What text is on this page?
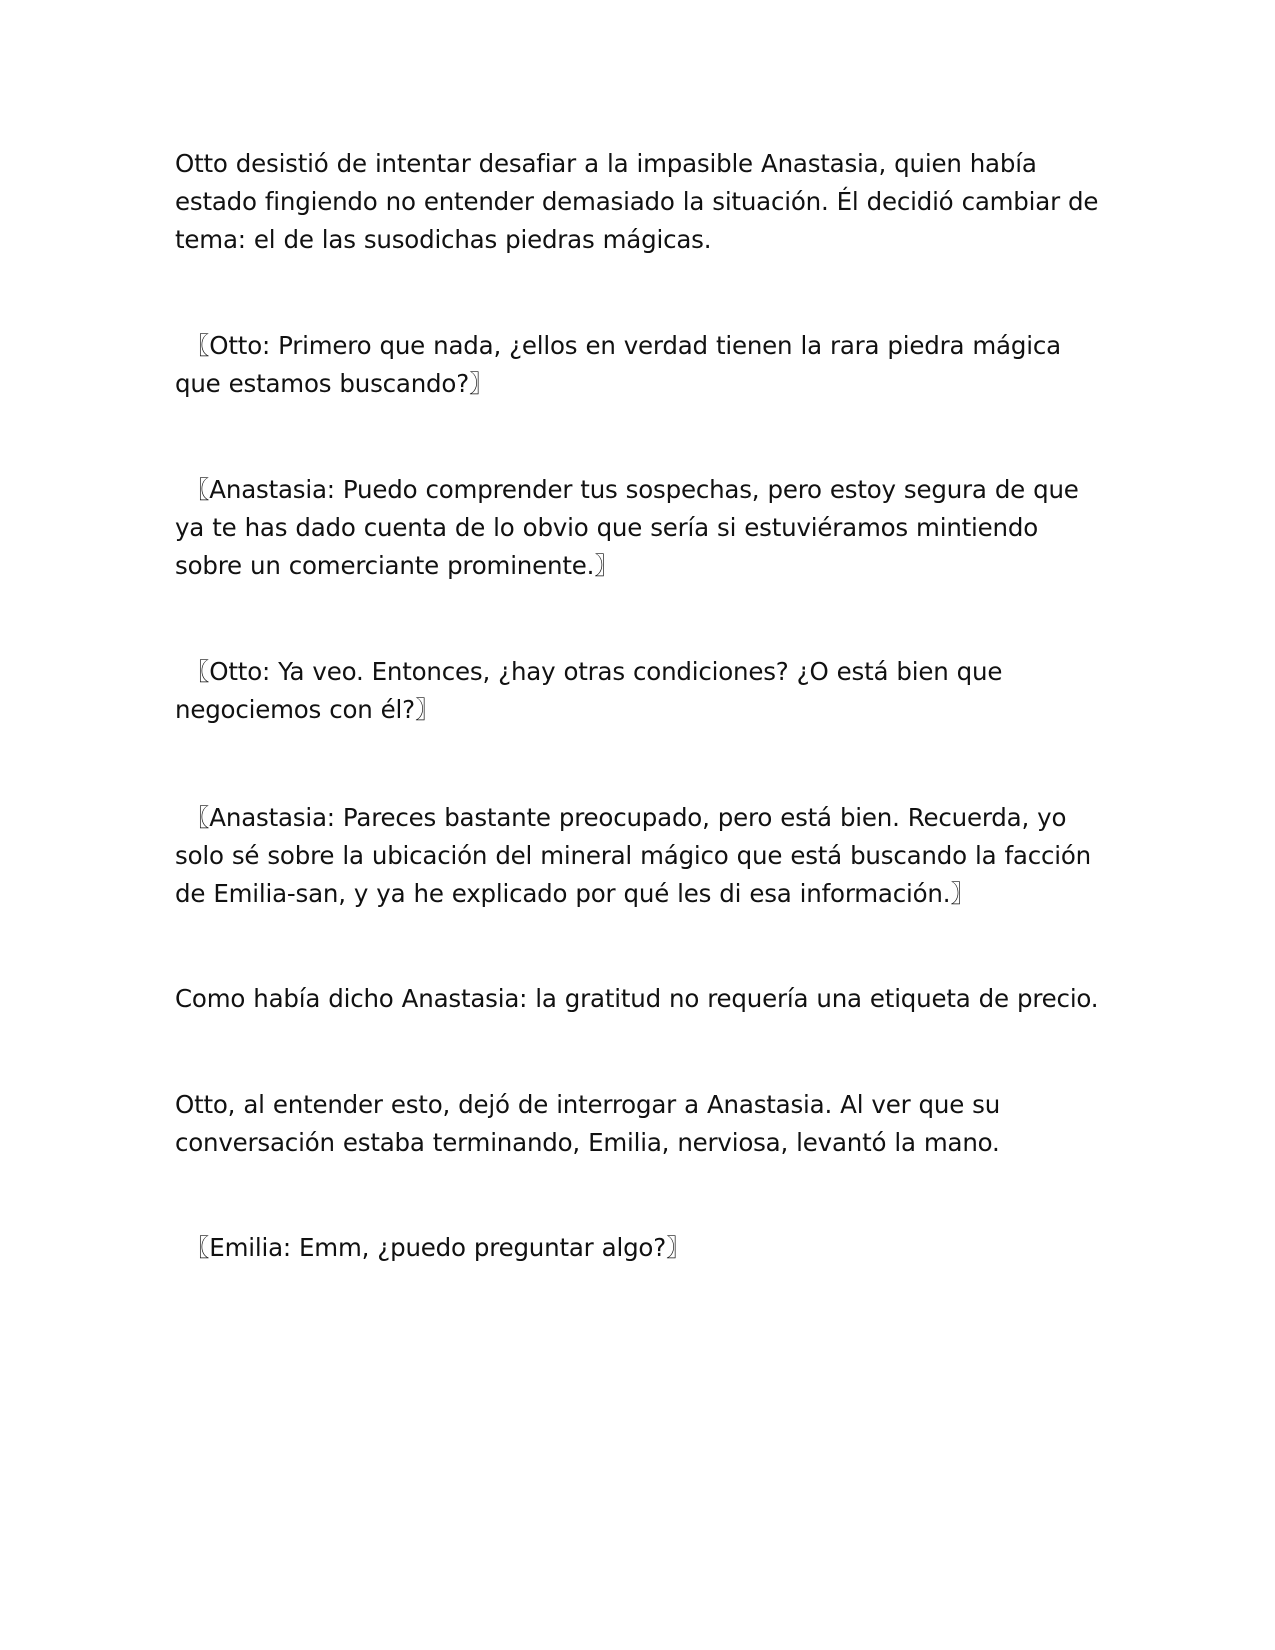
Otto desistió de intentar desafiar a la impasible Anastasia, quien había estado fingiendo no entender demasiado la situación. Él decidió cambiar de tema: el de las susodichas piedras mágicas.

〖Otto: Primero que nada, ¿ellos en verdad tienen la rara piedra mágica que estamos buscando?〗

〖Anastasia: Puedo comprender tus sospechas, pero estoy segura de que ya te has dado cuenta de lo obvio que sería si estuviéramos mintiendo sobre un comerciante prominente.〗

〖Otto: Ya veo. Entonces, ¿hay otras condiciones? ¿O está bien que negociemos con él?〗

〖Anastasia: Pareces bastante preocupado, pero está bien. Recuerda, yo solo sé sobre la ubicación del mineral mágico que está buscando la facción de Emilia-san, y ya he explicado por qué les di esa información.〗

Como había dicho Anastasia: la gratitud no requería una etiqueta de precio.

Otto, al entender esto, dejó de interrogar a Anastasia. Al ver que su conversación estaba terminando, Emilia, nerviosa, levantó la mano.

〖Emilia: Emm, ¿puedo preguntar algo?〗
